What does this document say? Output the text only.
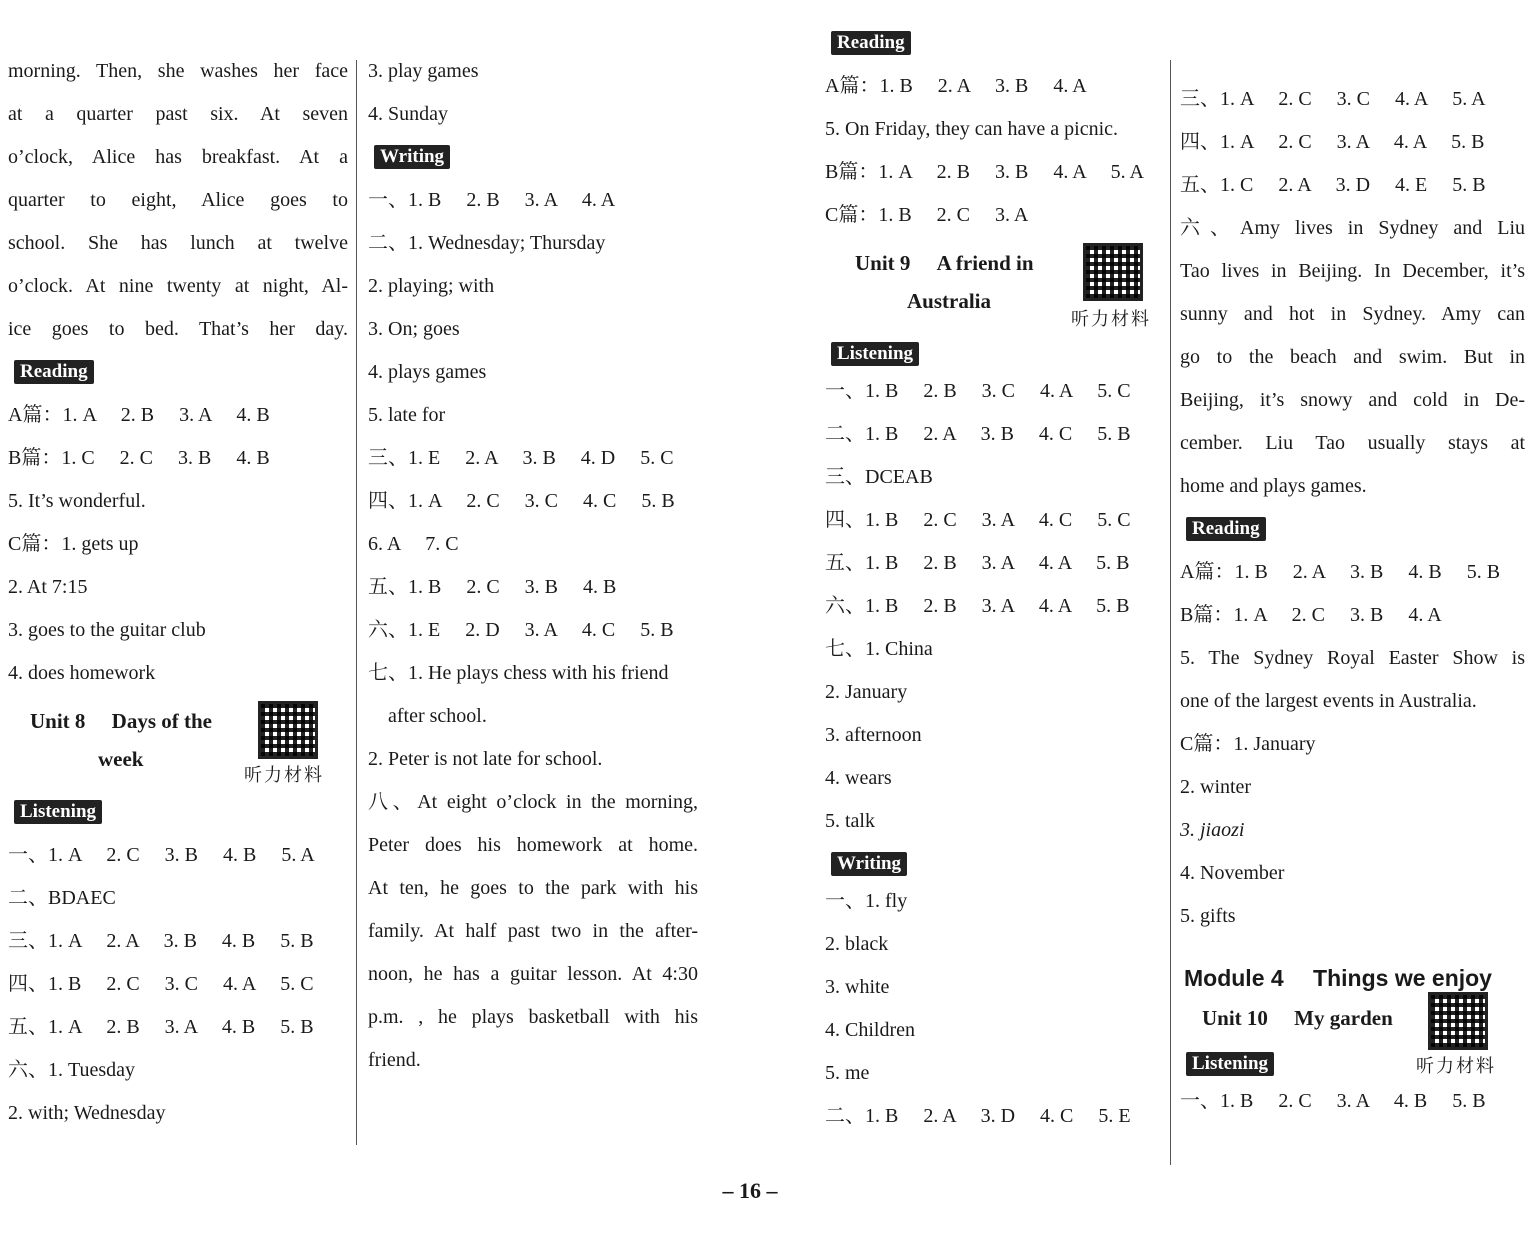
morning. Then, she washes her face
at a quarter past six. At seven
o’clock, Alice has breakfast. At a
quarter to eight, Alice goes to
school. She has lunch at twelve
o’clock. At nine twenty at night, Al-
ice goes to bed. That’s her day.
Reading
A篇：1. A 　2. B 　3. A 　4. B
B篇：1. C 　2. C 　3. B 　4. B
5. It’s wonderful.
C篇：1. gets up
2. At 7:15
3. goes to the guitar club
4. does homework
Unit 8 　Days of the
week
听力材料
Listening
一、1. A 　2. C 　3. B 　4. B 　5. A
二、BDAEC
三、1. A 　2. A 　3. B 　4. B 　5. B
四、1. B 　2. C 　3. C 　4. A 　5. C
五、1. A 　2. B 　3. A 　4. B 　5. B
六、1. Tuesday
2. with; Wednesday
3. play games
4. Sunday
Writing
一、1. B 　2. B 　3. A 　4. A
二、1. Wednesday; Thursday
2. playing; with
3. On; goes
4. plays games
5. late for
三、1. E 　2. A 　3. B 　4. D 　5. C
四、1. A 　2. C 　3. C 　4. C 　5. B
6. A 　7. C
五、1. B 　2. C 　3. B 　4. B
六、1. E 　2. D 　3. A 　4. C 　5. B
七、1. He plays chess with his friend
after school.
2. Peter is not late for school.
八、At eight o’clock in the morning,
Peter does his homework at home.
At ten, he goes to the park with his
family. At half past two in the after-
noon, he has a guitar lesson. At 4:30
p.m. , he plays basketball with his
friend.
Reading
A篇：1. B 　2. A 　3. B 　4. A
5. On Friday, they can have a picnic.
B篇：1. A 　2. B 　3. B 　4. A 　5. A
C篇：1. B 　2. C 　3. A
Unit 9 　A friend in
Australia
听力材料
Listening
一、1. B 　2. B 　3. C 　4. A 　5. C
二、1. B 　2. A 　3. B 　4. C 　5. B
三、DCEAB
四、1. B 　2. C 　3. A 　4. C 　5. C
五、1. B 　2. B 　3. A 　4. A 　5. B
六、1. B 　2. B 　3. A 　4. A 　5. B
七、1. China
2. January
3. afternoon
4. wears
5. talk
Writing
一、1. fly
2. black
3. white
4. Children
5. me
二、1. B 　2. A 　3. D 　4. C 　5. E
三、1. A 　2. C 　3. C 　4. A 　5. A
四、1. A 　2. C 　3. A 　4. A 　5. B
五、1. C 　2. A 　3. D 　4. E 　5. B
六、Amy lives in Sydney and Liu
Tao lives in Beijing. In December, it’s
sunny and hot in Sydney. Amy can
go to the beach and swim. But in
Beijing, it’s snowy and cold in De-
cember. Liu Tao usually stays at
home and plays games.
Reading
A篇：1. B 　2. A 　3. B 　4. B 　5. B
B篇：1. A 　2. C 　3. B 　4. A
5. The Sydney Royal Easter Show is
one of the largest events in Australia.
C篇：1. January
2. winter
3. jiaozi
4. November
5. gifts
Module 4 　Things we enjoy
Unit 10 　My garden
Listening	听力材料
一、1. B 　2. C 　3. A 　4. B 　5. B
– 16 –
